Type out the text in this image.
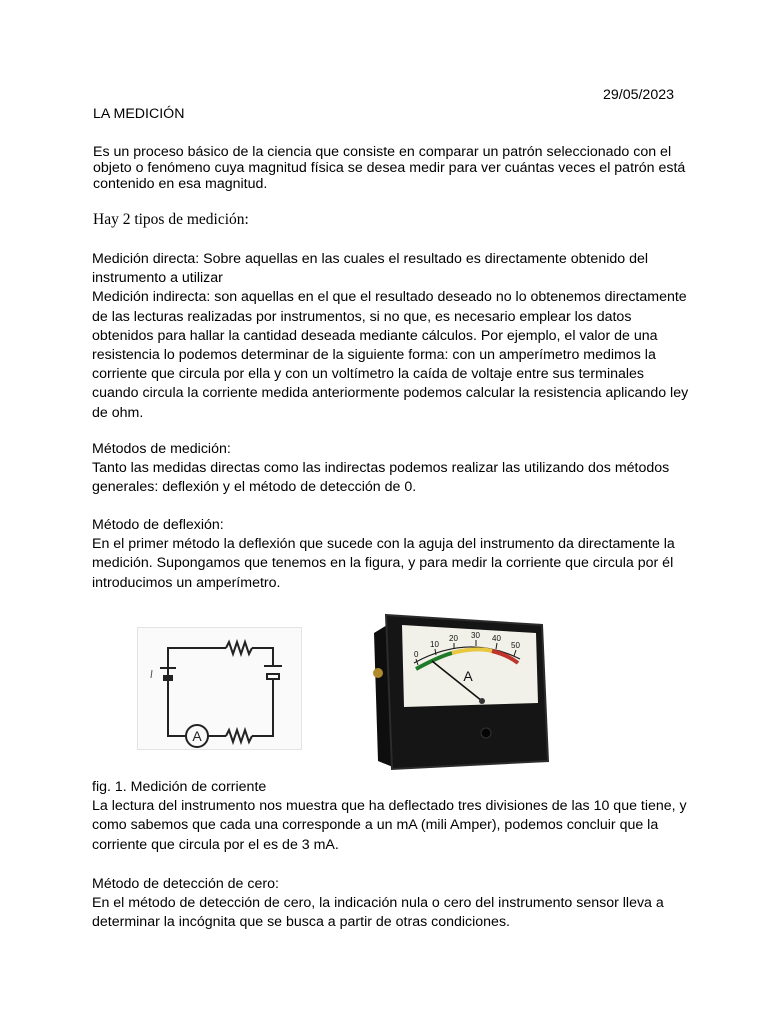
29/05/2023
LA MEDICIÓN
Es un proceso básico de la ciencia que consiste en comparar un patrón seleccionado con el objeto o fenómeno cuya magnitud física se desea medir para ver cuántas veces el patrón está contenido en esa magnitud.
Hay 2 tipos de medición:

Medición directa: Sobre aquellas en las cuales el resultado es directamente obtenido del instrumento a utilizar

Medición indirecta: son aquellas en el que el resultado deseado no lo obtenemos directamente de las lecturas realizadas por instrumentos, si no que, es necesario emplear los datos obtenidos para hallar la cantidad deseada mediante cálculos. Por ejemplo, el valor de una resistencia lo podemos determinar de la siguiente forma: con un amperímetro medimos la corriente que circula por ella y con un voltímetro la caída de voltaje entre sus terminales cuando circula la corriente medida anteriormente podemos calcular la resistencia aplicando ley de ohm.

Métodos de medición:

Tanto las medidas directas como las indirectas podemos realizar las utilizando dos métodos generales: deflexión y el método de detección de 0.

Método de deflexión:

En el primer método la deflexión que sucede con la aguja del instrumento da directamente la medición. Supongamos que tenemos en la figura, y para medir la corriente que circula por él introducimos un amperímetro.

A
0
10
20 30 40
50
A

fig. 1. Medición de corriente

La lectura del instrumento nos muestra que ha deflectado tres divisiones de las 10 que tiene, y como sabemos que cada una corresponde a un mA (mili Amper), podemos concluir que la corriente que circula por el es de 3 mA.

Método de detección de cero:

En el método de detección de cero, la indicación nula o cero del instrumento sensor lleva a determinar la incógnita que se busca a partir de otras condiciones.
